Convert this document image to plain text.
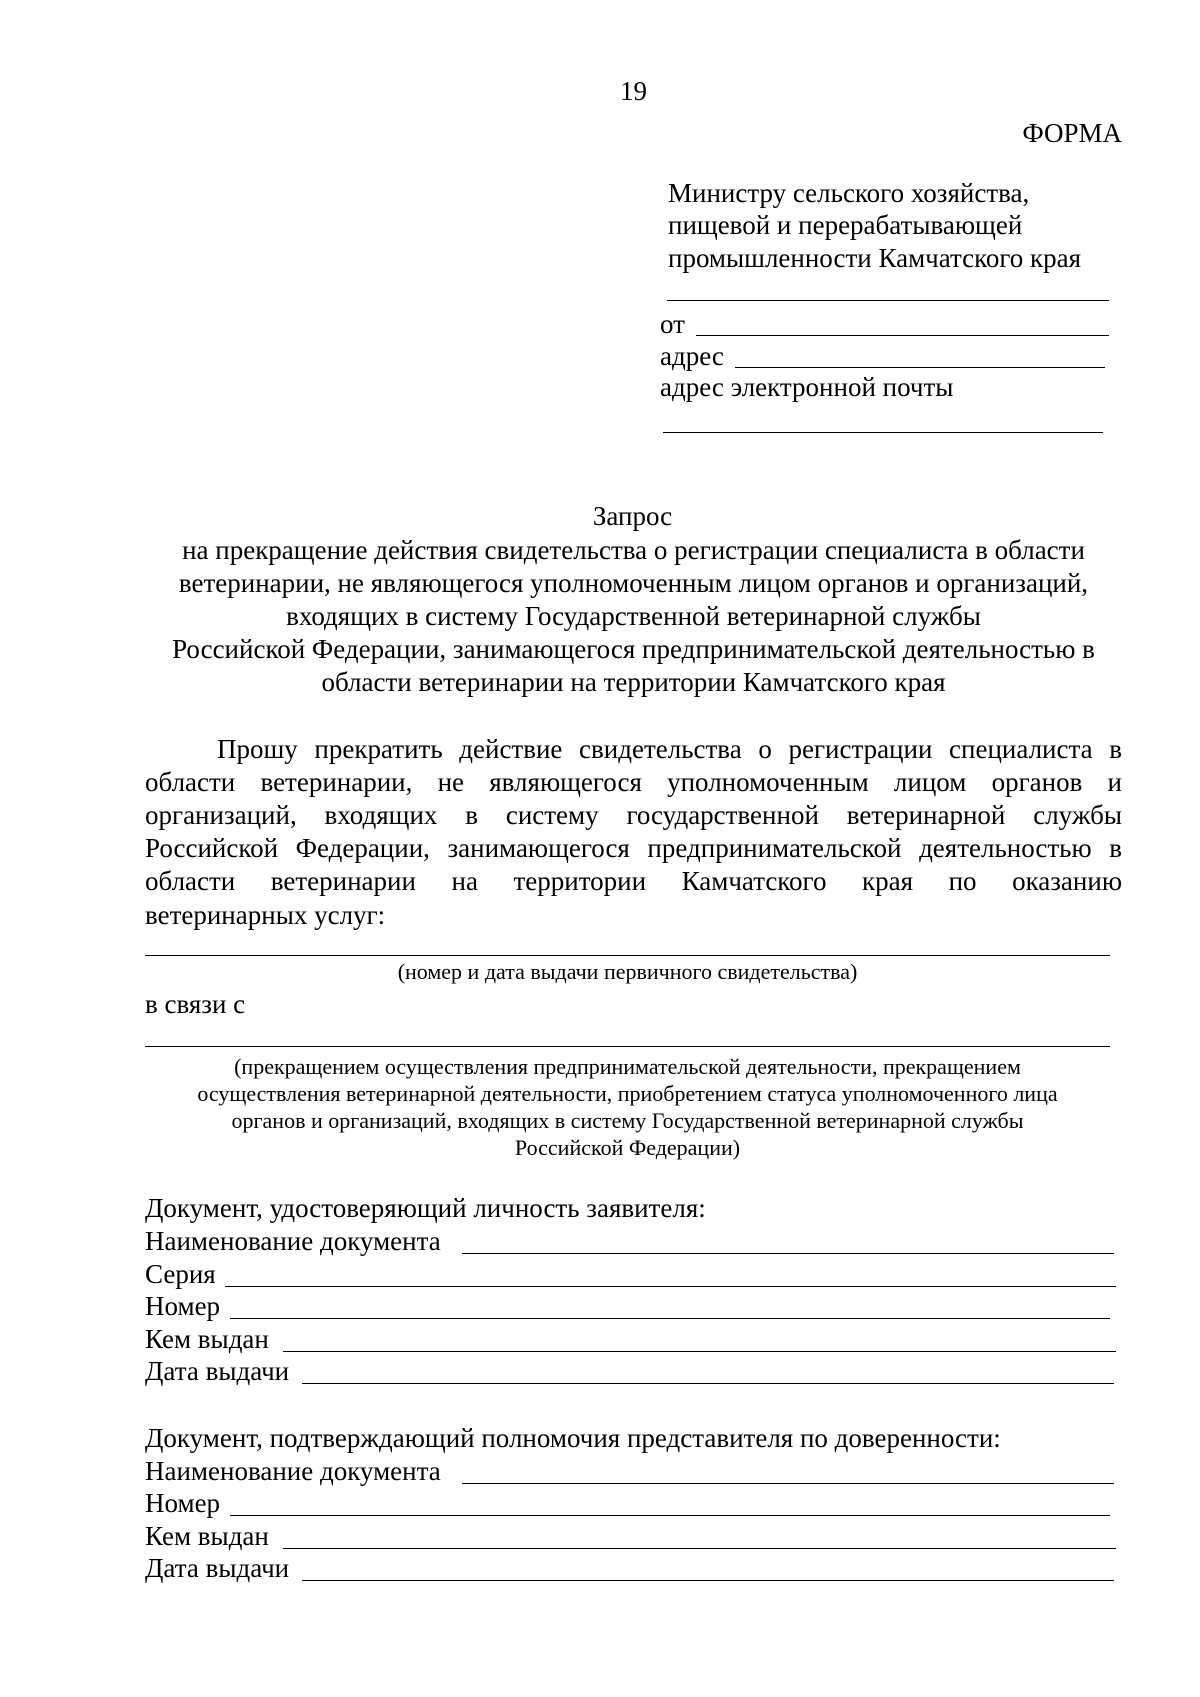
19
ФОРМА
Министру сельского хозяйства,
пищевой и перерабатывающей
промышленности Камчатского края
от
адрес
адрес электронной почты
Запрос
на прекращение действия свидетельства о регистрации специалиста в области
ветеринарии, не являющегося уполномоченным лицом органов и организаций,
входящих в систему Государственной ветеринарной службы
Российской Федерации, занимающегося предпринимательской деятельностью в
области ветеринарии на территории Камчатского края
Прошу прекратить действие свидетельства о регистрации специалиста в
области ветеринарии, не являющегося уполномоченным лицом органов и
организаций, входящих в систему государственной ветеринарной службы
Российской Федерации, занимающегося предпринимательской деятельностью в
области ветеринарии на территории Камчатского края по оказанию
ветеринарных услуг:
(номер и дата выдачи первичного свидетельства)
в связи с
(прекращением осуществления предпринимательской деятельности, прекращением
осуществления ветеринарной деятельности, приобретением статуса уполномоченного лица
органов и организаций, входящих в систему Государственной ветеринарной службы
Российской Федерации)
Документ, удостоверяющий личность заявителя:
Наименование документа
Серия
Номер
Кем выдан
Дата выдачи
Документ, подтверждающий полномочия представителя по доверенности:
Наименование документа
Номер
Кем выдан
Дата выдачи
